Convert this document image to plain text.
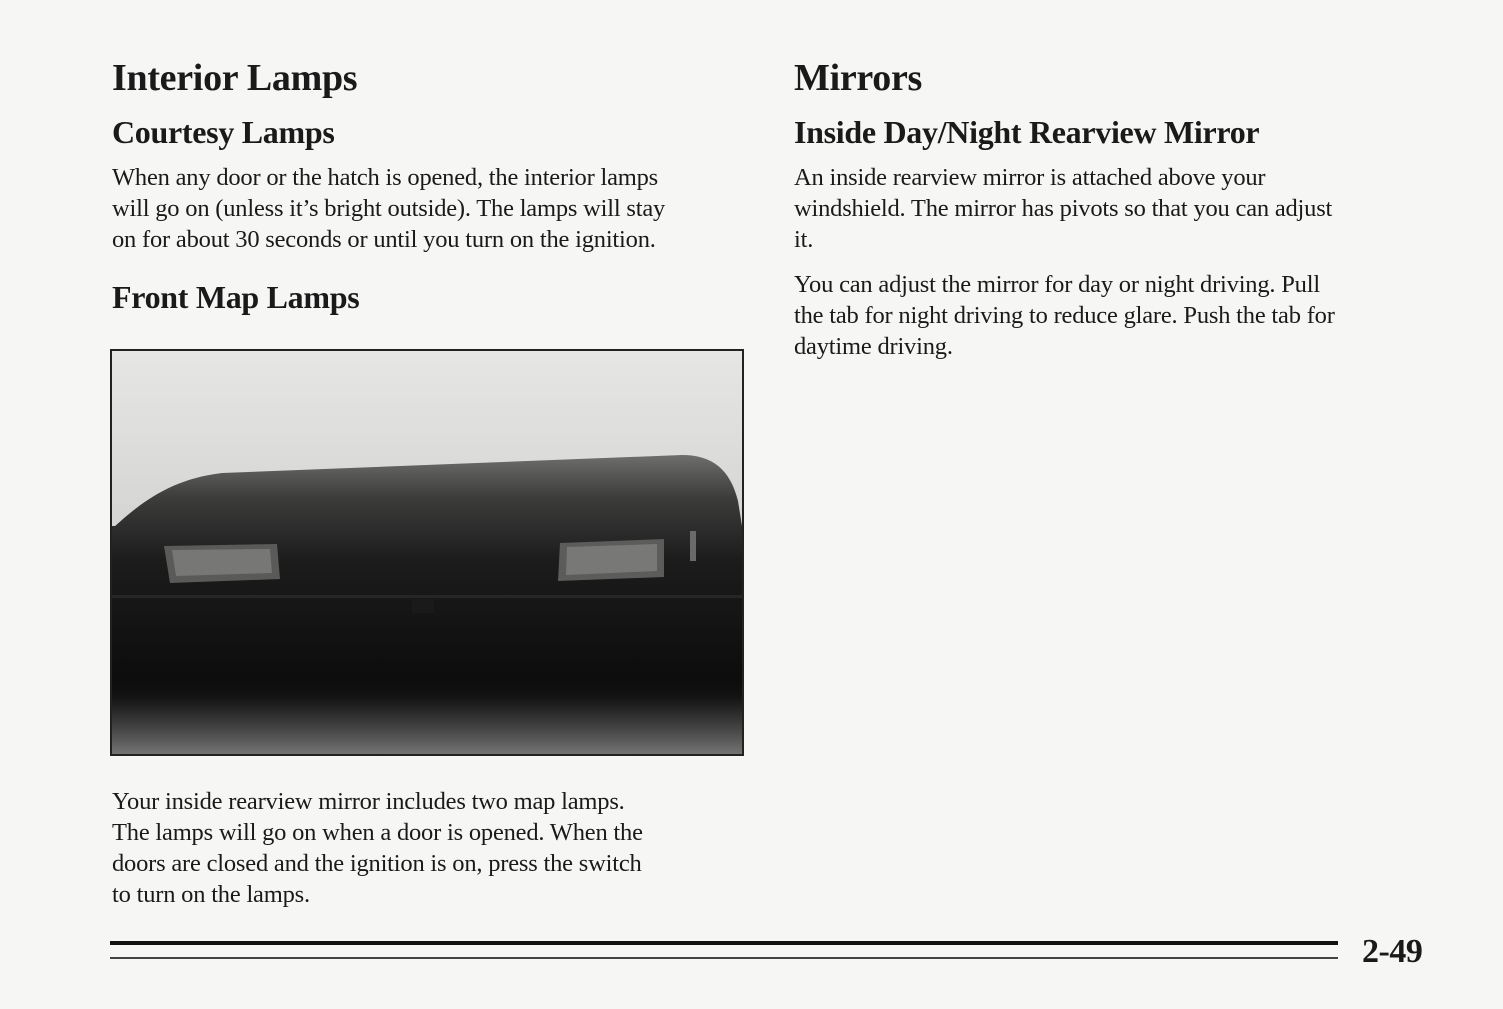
Interior Lamps
Courtesy Lamps

When any door or the hatch is opened, the interior lamps
will go on (unless it’s bright outside). The lamps will stay
on for about 30 seconds or until you turn on the ignition.

Front Map Lamps

Your inside rearview mirror includes two map lamps.
The lamps will go on when a door is opened. When the
doors are closed and the ignition is on, press the switch
to turn on the lamps.

Mirrors
Inside Day/Night Rearview Mirror

An inside rearview mirror is attached above your
windshield. The mirror has pivots so that you can adjust
it.

You can adjust the mirror for day or night driving. Pull
the tab for night driving to reduce glare. Push the tab for
daytime driving.

2-49
